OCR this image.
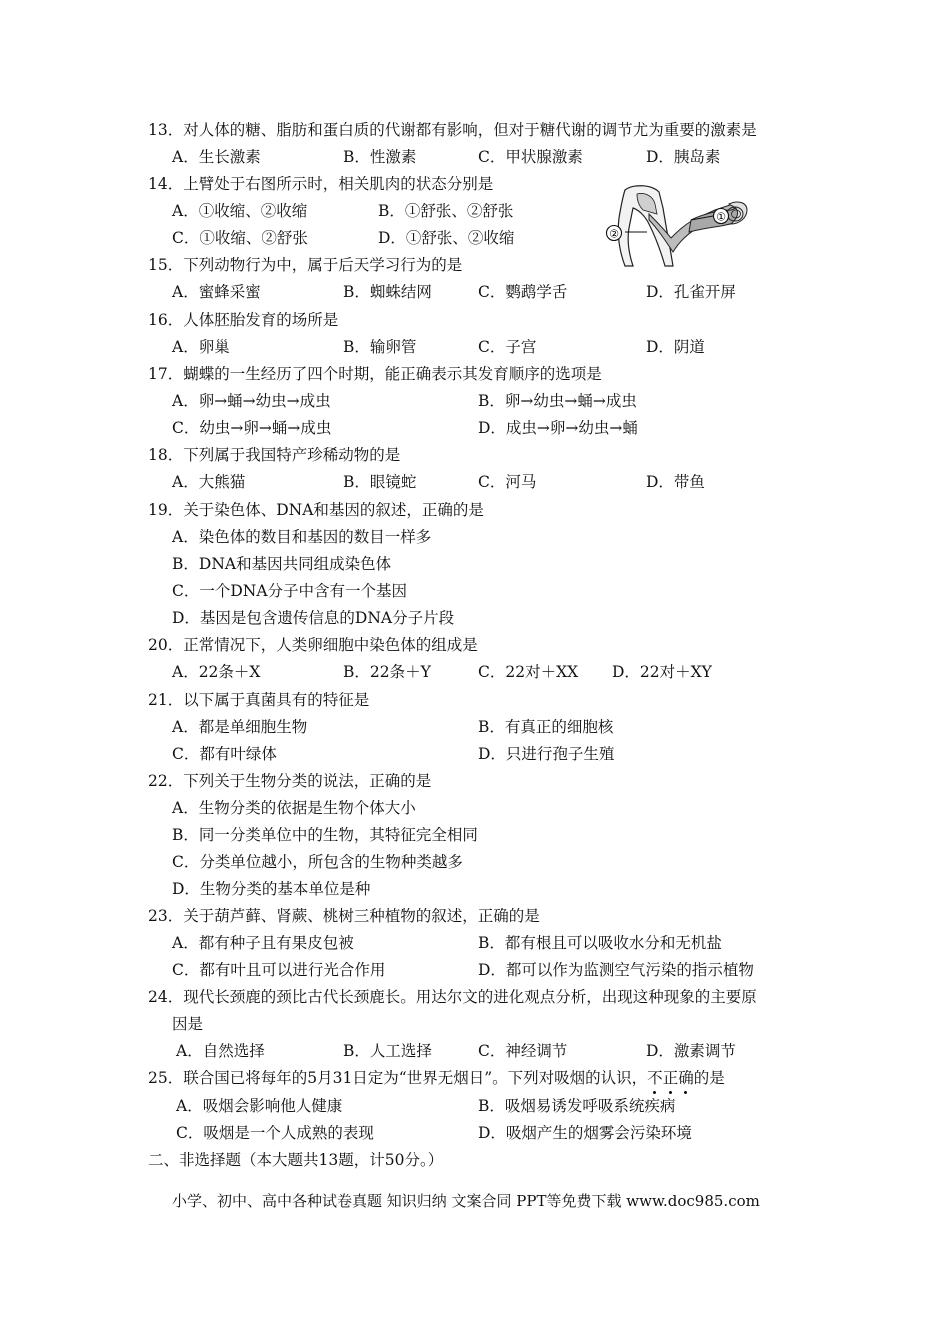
13．对人体的糖、脂肪和蛋白质的代谢都有影响，但对于糖代谢的调节尤为重要的激素是
A．生长激素	B．性激素	C．甲状腺激素	D．胰岛素
14．上臂处于右图所示时，相关肌肉的状态分别是
A．①收缩、②收缩	B．①舒张、②舒张
C．①收缩、②舒张	D．①舒张、②收缩	②
①
15．下列动物行为中，属于后天学习行为的是
A．蜜蜂采蜜	B．蜘蛛结网	C．鹦鹉学舌	D．孔雀开屏
16．人体胚胎发育的场所是
A．卵巢	B．输卵管	C．子宫	D．阴道
17．蝴蝶的一生经历了四个时期，能正确表示其发育顺序的选项是
A．卵→蛹→幼虫→成虫	B．卵→幼虫→蛹→成虫
C．幼虫→卵→蛹→成虫	D．成虫→卵→幼虫→蛹
18．下列属于我国特产珍稀动物的是
A．大熊猫	B．眼镜蛇	C．河马	D．带鱼
19．关于染色体、DNA和基因的叙述，正确的是
A．染色体的数目和基因的数目一样多
B．DNA和基因共同组成染色体
C．一个DNA分子中含有一个基因
D．基因是包含遗传信息的DNA分子片段
20．正常情况下，人类卵细胞中染色体的组成是
A．22条＋X	B．22条＋Y	C．22对＋XX D．22对＋XY
21．以下属于真菌具有的特征是
A．都是单细胞生物	B．有真正的细胞核
C．都有叶绿体	D．只进行孢子生殖
22．下列关于生物分类的说法，正确的是
A．生物分类的依据是生物个体大小
B．同一分类单位中的生物，其特征完全相同
C．分类单位越小，所包含的生物种类越多
D．生物分类的基本单位是种
23．关于葫芦藓、肾蕨、桃树三种植物的叙述，正确的是
A．都有种子且有果皮包被	B．都有根且可以吸收水分和无机盐
C．都有叶且可以进行光合作用	D．都可以作为监测空气污染的指示植物
24．现代长颈鹿的颈比古代长颈鹿长。用达尔文的进化观点分析，出现这种现象的主要原
因是
A．自然选择	B．人工选择	C．神经调节	D．激素调节
25．联合国已将每年的5月31日定为“世界无烟日”。下列对吸烟的认识，不正确的是
A．吸烟会影响他人健康	B．吸烟易诱发呼吸系统疾病
C．吸烟是一个人成熟的表现	D．吸烟产生的烟雾会污染环境
二、非选择题（本大题共13题，计50分。）
小学、初中、高中各种试卷真题 知识归纳 文案合同 PPT等免费下载 www.doc985.com
